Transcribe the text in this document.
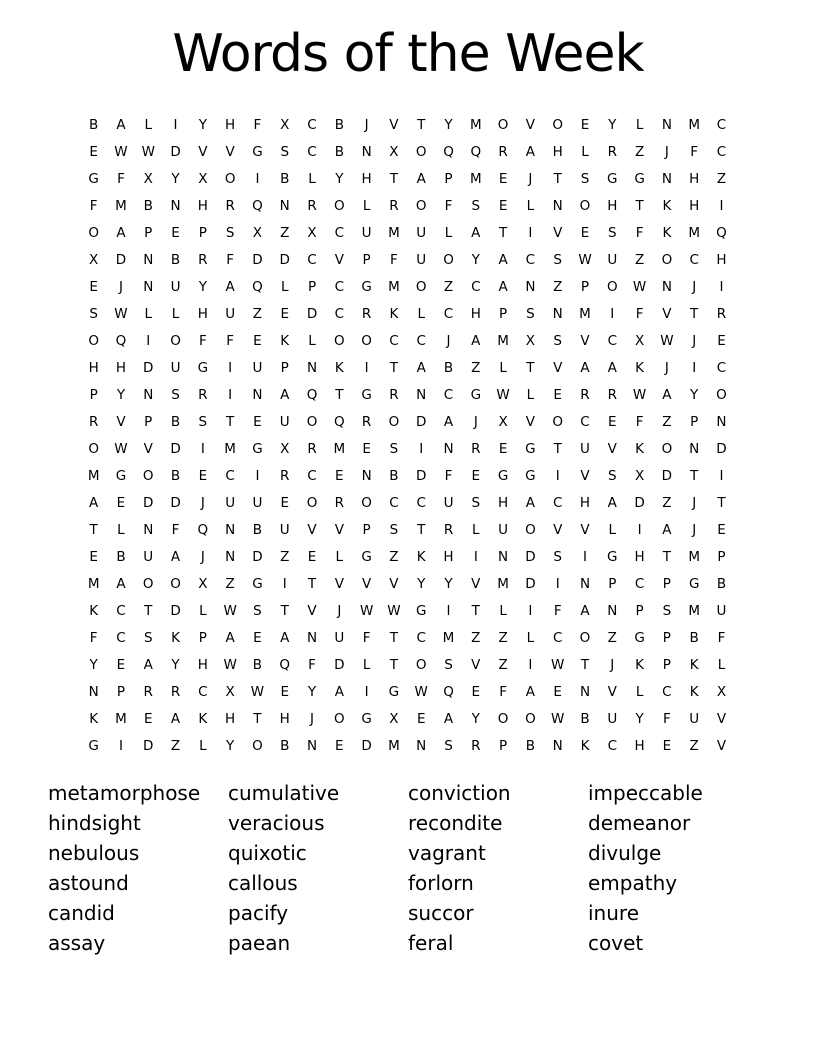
Words of the Week
B	A	L	I	Y	H	F	X	C	B	J	V	T	Y	M	O	V	O	E	Y	L	N	M	C
E	W	W	D	V	V	G	S	C	B	N	X	O	Q	Q	R	A	H	L	R	Z	J	F	C
G	F	X	Y	X	O	I	B	L	Y	H	T	A	P	M	E	J	T	S	G	G	N	H	Z
F	M	B	N	H	R	Q	N	R	O	L	R	O	F	S	E	L	N	O	H	T	K	H	I
O	A	P	E	P	S	X	Z	X	C	U	M	U	L	A	T	I	V	E	S	F	K	M	Q
X	D	N	B	R	F	D	D	C	V	P	F	U	O	Y	A	C	S	W	U	Z	O	C	H
E	J	N	U	Y	A	Q	L	P	C	G	M	O	Z	C	A	N	Z	P	O	W	N	J	I
S	W	L	L	H	U	Z	E	D	C	R	K	L	C	H	P	S	N	M	I	F	V	T	R
O	Q	I	O	F	F	E	K	L	O	O	C	C	J	A	M	X	S	V	C	X	W	J	E
H	H	D	U	G	I	U	P	N	K	I	T	A	B	Z	L	T	V	A	A	K	J	I	C
P	Y	N	S	R	I	N	A	Q	T	G	R	N	C	G	W	L	E	R	R	W	A	Y	O
R	V	P	B	S	T	E	U	O	Q	R	O	D	A	J	X	V	O	C	E	F	Z	P	N
O	W	V	D	I	M	G	X	R	M	E	S	I	N	R	E	G	T	U	V	K	O	N	D
M	G	O	B	E	C	I	R	C	E	N	B	D	F	E	G	G	I	V	S	X	D	T	I
A	E	D	D	J	U	U	E	O	R	O	C	C	U	S	H	A	C	H	A	D	Z	J	T
T	L	N	F	Q	N	B	U	V	V	P	S	T	R	L	U	O	V	V	L	I	A	J	E
E	B	U	A	J	N	D	Z	E	L	G	Z	K	H	I	N	D	S	I	G	H	T	M	P
M	A	O	O	X	Z	G	I	T	V	V	V	Y	Y	V	M	D	I	N	P	C	P	G	B
K	C	T	D	L	W	S	T	V	J	W	W	G	I	T	L	I	F	A	N	P	S	M	U
F	C	S	K	P	A	E	A	N	U	F	T	C	M	Z	Z	L	C	O	Z	G	P	B	F
Y	E	A	Y	H	W	B	Q	F	D	L	T	O	S	V	Z	I	W	T	J	K	P	K	L
N	P	R	R	C	X	W	E	Y	A	I	G	W	Q	E	F	A	E	N	V	L	C	K	X
K	M	E	A	K	H	T	H	J	O	G	X	E	A	Y	O	O	W	B	U	Y	F	U	V
G	I	D	Z	L	Y	O	B	N	E	D	M	N	S	R	P	B	N	K	C	H	E	Z	V
metamorphose
hindsight
nebulous
astound
candid
assay
cumulative
veracious
quixotic
callous
pacify
paean
conviction
recondite
vagrant
forlorn
succor
feral
impeccable
demeanor
divulge
empathy
inure
covet
